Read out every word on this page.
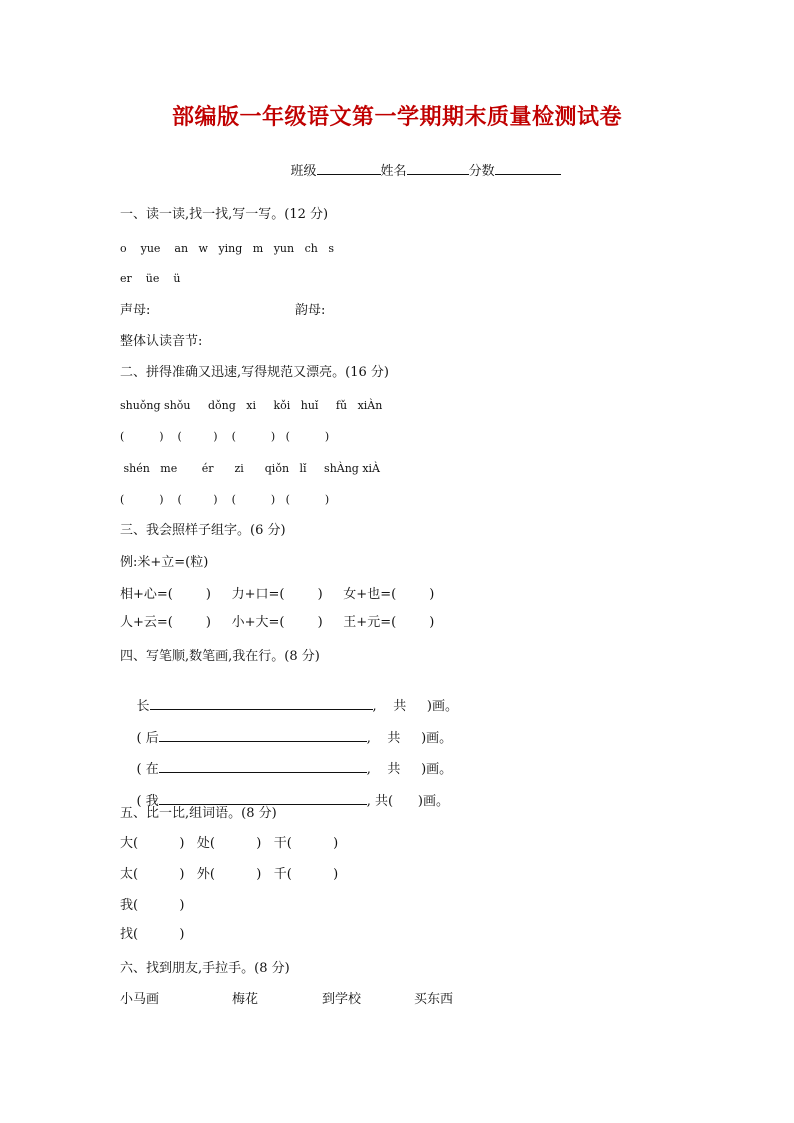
部编版一年级语文第一学期期末质量检测试卷

班级	姓名	分数

一、读一读,找一找,写一写。(12 分)
o    yue    an   w   ying   m   yun   ch   s
er    üe    ü
声母:	韵母:
整体认读音节:
二、拼得准确又迅速,写得规范又漂亮。(16 分)
shuǒng shǒu     dǒng   xi     kǒi   huǐ     fǔ   xiÀn
(          )    (         )    (          )   (          )
shén   me       ér      zi      qiǒn   lǐ     shÀng xiÀ
(          )    (         )    (          )   (          )
三、我会照样子组字。(6 分)
例:米+立=(粒)
相+心=(        )     力+口=(        )     女+也=(        )
人+云=(        )     小+大=(        )     王+元=(        )
四、写笔顺,数笔画,我在行。(8 分)

长	,    共     )画。

( 后	,    共     )画。

( 在	,    共     )画。

( 我	, 共(      )画。

五、比一比,组词语。(8 分)
大(          )   处(          )   干(          )
太(          )   外(          )   千(          )
我(          )
找(          )
六、找到朋友,手拉手。(8 分)
小马画	梅花	到学校	买东西
